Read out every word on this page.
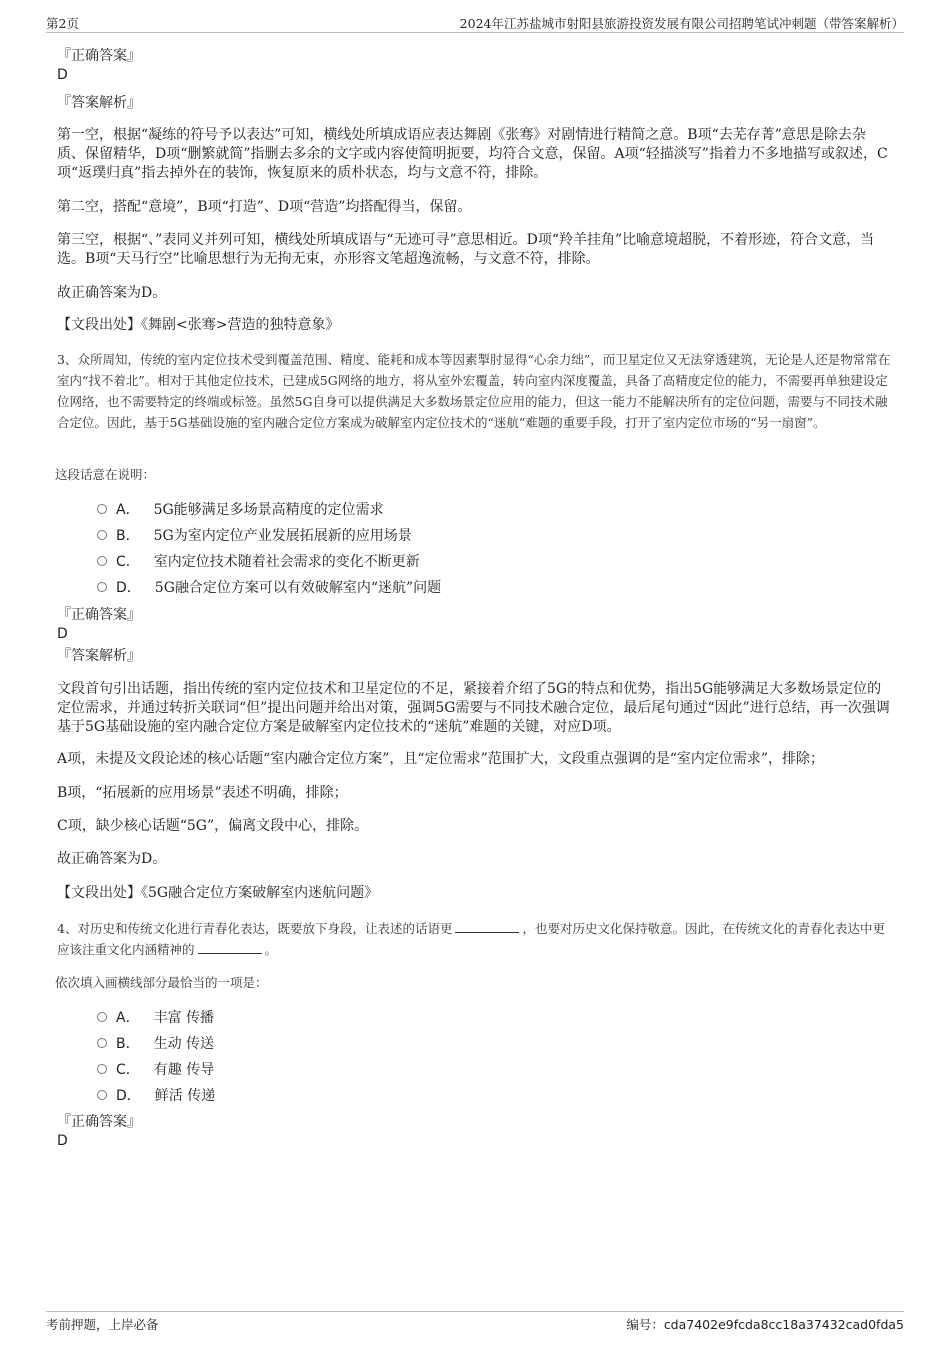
第2页	2024年江苏盐城市射阳县旅游投资发展有限公司招聘笔试冲刺题（带答案解析）
『正确答案』
D
『答案解析』

第一空，根据“凝练的符号予以表达”可知，横线处所填成语应表达舞剧《张骞》对剧情进行精简之意。B项“去芜存菁”意思是除去杂质、保留精华，D项“删繁就简”指删去多余的文字或内容使简明扼要，均符合文意，保留。A项“轻描淡写”指着力不多地描写或叙述，C项“返璞归真”指去掉外在的装饰，恢复原来的质朴状态，均与文意不符，排除。

第二空，搭配“意境”，B项“打造”、D项“营造”均搭配得当，保留。

第三空，根据“、”表同义并列可知，横线处所填成语与“无迹可寻”意思相近。D项“羚羊挂角”比喻意境超脱，不着形迹，符合文意，当选。B项“天马行空”比喻思想行为无拘无束，亦形容文笔超逸流畅，与文意不符，排除。

故正确答案为D。

【文段出处】《舞剧<张骞>营造的独特意象》

3、众所周知，传统的室内定位技术受到覆盖范围、精度、能耗和成本等因素掣肘显得“心余力绌”，而卫星定位又无法穿透建筑，无论是人还是物常常在室内“找不着北”。相对于其他定位技术，已建成5G网络的地方，将从室外宏覆盖，转向室内深度覆盖，具备了高精度定位的能力，不需要再单独建设定位网络，也不需要特定的终端或标签。虽然5G自身可以提供满足大多数场景定位应用的能力，但这一能力不能解决所有的定位问题，需要与不同技术融合定位。因此，基于5G基础设施的室内融合定位方案成为破解室内定位技术的“迷航”难题的重要手段，打开了室内定位市场的“另一扇窗”。

这段话意在说明：

A． 5G能够满足多场景高精度的定位需求
B． 5G为室内定位产业发展拓展新的应用场景
C． 室内定位技术随着社会需求的变化不断更新
D． 5G融合定位方案可以有效破解室内“迷航”问题
『正确答案』
D
『答案解析』

文段首句引出话题，指出传统的室内定位技术和卫星定位的不足，紧接着介绍了5G的特点和优势，指出5G能够满足大多数场景定位的定位需求，并通过转折关联词“但”提出问题并给出对策，强调5G需要与不同技术融合定位，最后尾句通过“因此”进行总结，再一次强调基于5G基础设施的室内融合定位方案是破解室内定位技术的“迷航”难题的关键，对应D项。

A项，未提及文段论述的核心话题“室内融合定位方案”，且“定位需求”范围扩大，文段重点强调的是“室内定位需求”，排除；

B项，“拓展新的应用场景”表述不明确，排除；

C项，缺少核心话题“5G”，偏离文段中心，排除。

故正确答案为D。

【文段出处】《5G融合定位方案破解室内迷航问题》

4、对历史和传统文化进行青春化表达，既要放下身段，让表述的话语更	，也要对历史文化保持敬意。因此，在传统文化的青春化表达中更应该注重文化内涵精神的	。

依次填入画横线部分最恰当的一项是：

A． 丰富 传播
B． 生动 传送
C． 有趣 传导
D． 鲜活 传递
『正确答案』
D
考前押题，上岸必备	编号：cda7402e9fcda8cc18a37432cad0fda5
